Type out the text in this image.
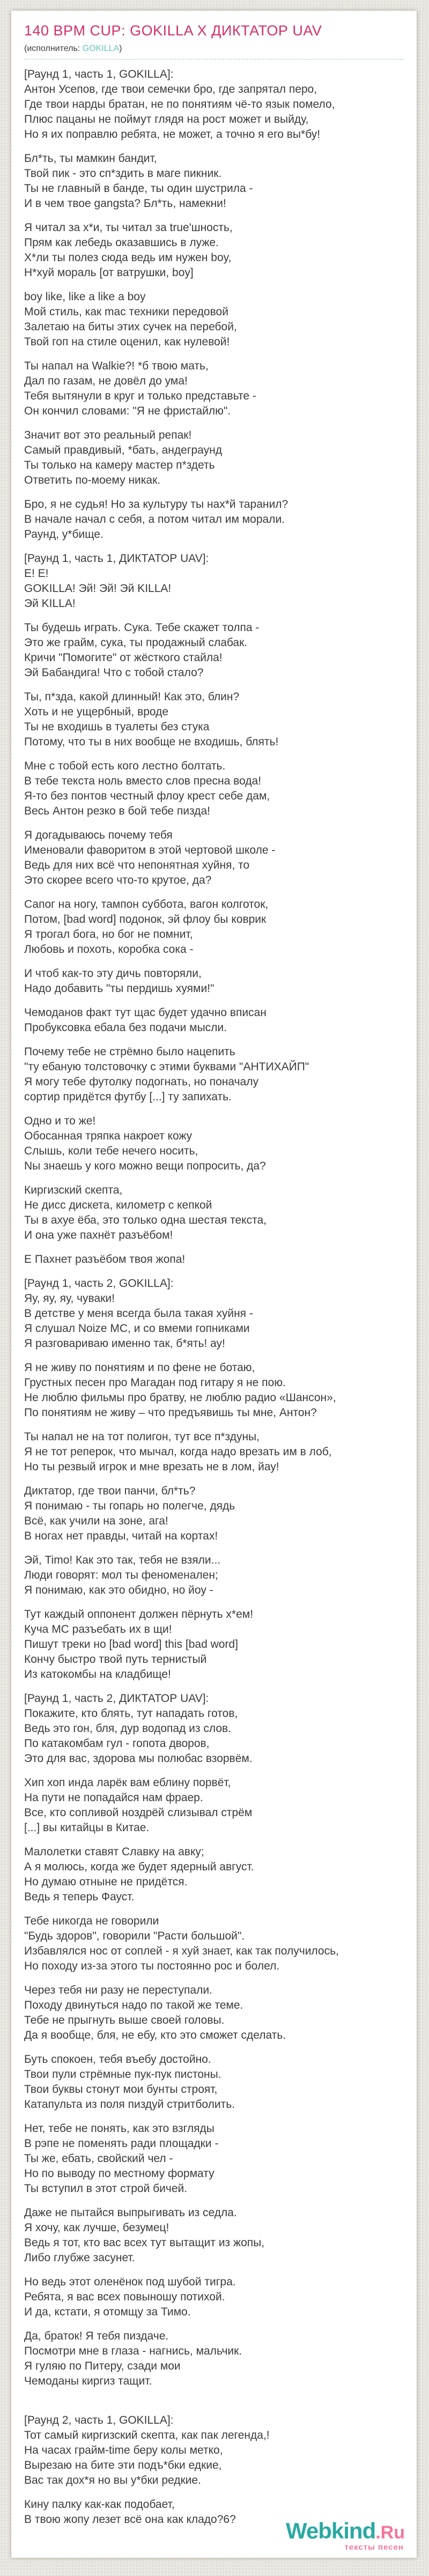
140 BPM CUP: GOKILLA X ДИКТАТОР UAV
(исполнитель: GOKILLA)

[Раунд 1, часть 1, GOKILLA]:
Антон Усепов, где твои семечки бро, где запрятал перо,
Где твои нарды братан, не по понятиям чё-то язык помело,
Плюс пацаны не поймут глядя на рост может и выйду,
Но я их поправлю ребята, не может, а точно я его вы*бу!

Бл*ть, ты мамкин бандит,
Твой пик - это сп*здить в маге пикник.
Ты не главный в банде, ты один шустрила -
И в чем твое gangsta? Бл*ть, намекни!

Я читал за х*и, ты читал за true'шность,
Прям как лебедь оказавшись в луже.
Х*ли ты полез сюда ведь им нужен boy,
Н*хуй мораль [от ватрушки, boy]

boy like, like a like a boy
Мой стиль, как mac техники передовой
Залетаю на биты этих сучек на перебой,
Твой гоп на стиле оценил, как нулевой!

Ты напал на Walkie?! *б твою мать,
Дал по газам, не довёл до ума!
Тебя вытянули в круг и только представьте -
Он кончил словами: "Я не фристайлю".

Значит вот это реальный репак!
Самый правдивый, *бать, андеграунд
Ты только на камеру мастер п*здеть
Ответить по-моему никак.

Бро, я не судья! Но за культуру ты нах*й таранил?
В начале начал с себя, а потом читал им морали.
Раунд, у*бище.

[Раунд 1, часть 1, ДИКТАТОР UAV]:
Е! Е!
GOKILLA! Эй! Эй! Эй KILLA!
Эй KILLA!

Ты будешь играть. Сука. Тебе скажет толпа -
Это же грайм, сука, ты продажный слабак.
Кричи "Помогите" от жёсткого стайла!
Эй Бабандига! Что с тобой стало?

Ты, п*зда, какой длинный! Как это, блин?
Хоть и не ущербный, вроде
Ты не входишь в туалеты без стука
Потому, что ты в них вообще не входишь, блять!

Мне с тобой есть кого лестно болтать.
В тебе текста ноль вместо слов пресна вода!
Я-то без понтов честный флоу крест себе дам,
Весь Антон резко в бой тебе пизда!

Я догадываюсь почему тебя
Именовали фаворитом в этой чертовой школе -
Ведь для них всё что непонятная хуйня, то
Это скорее всего что-то крутое, да?

Сапог на ногу, тампон суббота, вагон колготок,
Потом, [bad word] подонок, эй флоу бы коврик
Я трогал бога, но бог не помнит,
Любовь и похоть, коробка сока -

И чтоб как-то эту дичь повторяли,
Надо добавить "ты пердишь хуями!"

Чемоданов факт тут щас будет удачно вписан
Пробуксовка ебала без подачи мысли.

Почему тебе не стрёмно было нацепить
"ту ебаную толстовочку с этими буквами "АНТИХАЙП"
Я могу тебе футолку подогнать, но поначалу
сортир придётся футбу [...] ту запихать.

Одно и то же!
Обосанная тряпка накроет кожу
Слышь, коли тебе нечего носить,
Nы знаешь у кого можно вещи попросить, да?

Киргизский скепта,
Не дисс дискета, километр с кепкой
Ты в ахуе ёба, это только одна шестая текста,
И она уже пахнёт разъёбом!

Е Пахнет разъёбом твоя жопа!

[Раунд 1, часть 2, GOKILLA]:
Яу, яу, яу, чуваки!
В детстве у меня всегда была такая хуйня -
Я слушал Noize MC, и со вмеми гопниками
Я разговариваю именно так, б*ять! ау!

Я не живу по понятиям и по фене не ботаю,
Грустных песен про Магадан под гитару я не пою.
Не люблю фильмы про братву, не люблю радио «Шансон»,
По понятиям не живу – что предъявишь ты мне, Антон?

Ты напал не на тот полигон, тут все п*здуны,
Я не тот реперок, что мычал, когда надо врезать им в лоб,
Но ты резвый игрок и мне врезать не в лом, йау!

Диктатор, где твои панчи, бл*ть?
Я понимаю - ты гопарь но полегче, дядь
Всё, как учили на зоне, ага!
В ногах нет правды, читай на кортах!

Эй, Timo! Как это так, тебя не взяли...
Люди говорят: мол ты феноменален;
Я понимаю, как это обидно, но йоу -

Тут каждый оппонент должен пёрнуть х*ем!
Куча MC разъебать их в щи!
Пишут треки но [bad word] this [bad word]
Кончу быстро твой путь тернистый
Из катокомбы на кладбище!

[Раунд 1, часть 2, ДИКТАТОР UAV]:
Покажите, кто блять, тут нападать готов,
Ведь это гон, бля, дур водопад из слов.
По катакомбам гул - гопота дворов,
Это для вас, здорова мы полюбас взорвём.

Хип хоп инда ларёк вам еблину порвёт,
На пути не попадайся нам фраер.
Все, кто сопливой ноздрёй слизывал стрём
[...] вы китайцы в Китае.

Малолетки ставят Славку на авку;
А я молюсь, когда же будет ядерный август.
Но думаю отныне не придётся.
Ведь я теперь Фауст.

Тебе никогда не говорили
"Будь здоров", говорили "Расти большой".
Избавлялся нос от соплей - я хуй знает, как так получилось,
Но походу из-за этого ты постоянно рос и болел.

Через тебя ни разу не переступали.
Походу двинуться надо по такой же теме.
Тебе не прыгнуть выше своей головы.
Да я вообще, бля, не ебу, кто это сможет сделать.

Буть спокоен, тебя въебу достойно.
Твои пули стрёмные пук-пук пистоны.
Твои буквы стонут мои бунты строят,
Катапульта из поля пиздуй стритболить.

Нет, тебе не понять, как это взгляды
В рэпе не поменять ради площадки -
Ты же, ебать, свойский чел -
Но по выводу по местному формату
Ты вступил в этот строй бичей.

Даже не пытайся выпрыгивать из седла.
Я хочу, как лучше, безумец!
Ведь я тот, кто вас всех тут вытащит из жопы,
Либо глубже засунет.

Но ведь этот оленёнок под шубой тигра.
Ребята, я вас всех повыношу потихой.
И да, кстати, я отомщу за Тимо.

Да, браток! Я тебя пиздаче.
Посмотри мне в глаза - нагнись, мальчик.
Я гуляю по Питеру, сзади мои
Чемоданы киргиз тащит.

[Раунд 2, часть 1, GOKILLA]:
Тот самый киргизский скепта, как пак легенда,!
На часах грайм-time беру колы метко,
Вырезаю на бите эти подъ*бки едкие,
Вас так дох*я но вы у*бки редкие.

Кину палку как-как подобает,
В твою жопу лезет всё она как кладо?6?	Webkind.Ru
тексты песен
